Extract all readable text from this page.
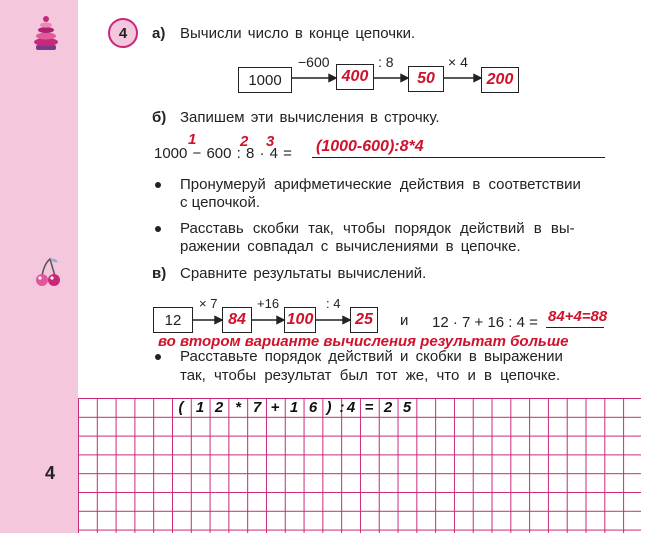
4
4 а) Вычисли число в конце цепочки.
1000	400	50	200
−600	: 8	× 4
б) Запишем эти вычисления в строчку.
1000 − 600 : 8 · 4 =
1	2 3	(1000-600):8*4
Пронумеруй арифметические действия в соответствии
с цепочкой.
Расставь скобки так, чтобы порядок действий в вы-
ражении совпадал с вычислениями в цепочке.
в) Сравните результаты вычислений.
12	84	100	25
× 7	+16	: 4
и 12 · 7 + 16 : 4 = 84+4=88
Расставьте порядок действий и скобки в выражении
так, чтобы результат был тот же, что и в цепочке.
во втором варианте вычисления результат больше
( 1 2 * 7 + 1 6 ) : 4 = 2 5
